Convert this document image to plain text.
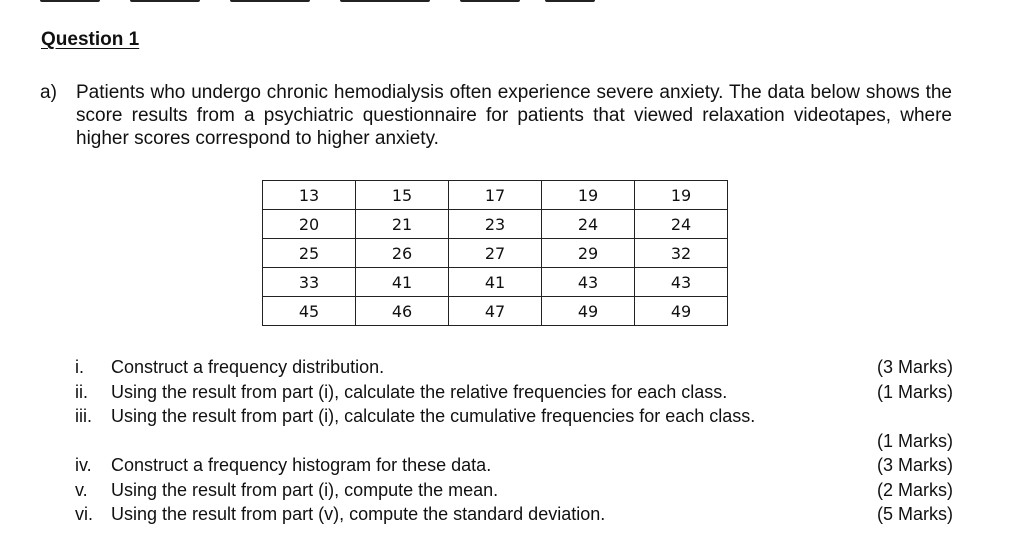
Question 1
a) Patients who undergo chronic hemodialysis often experience severe anxiety. The data below shows the score results from a psychiatric questionnaire for patients that viewed relaxation videotapes, where higher scores correspond to higher anxiety.
13	15	17	19	19
20	21	23	24	24
25	26	27	29	32
33	41	41	43	43
45	46	47	49	49
i.	Construct a frequency distribution.	(3 Marks)
ii.	Using the result from part (i), calculate the relative frequencies for each class.	(1 Marks)
iii.	Using the result from part (i), calculate the cumulative frequencies for each class.
(1 Marks)
iv.	Construct a frequency histogram for these data.	(3 Marks)
v.	Using the result from part (i), compute the mean.	(2 Marks)
vi.	Using the result from part (v), compute the standard deviation.	(5 Marks)
